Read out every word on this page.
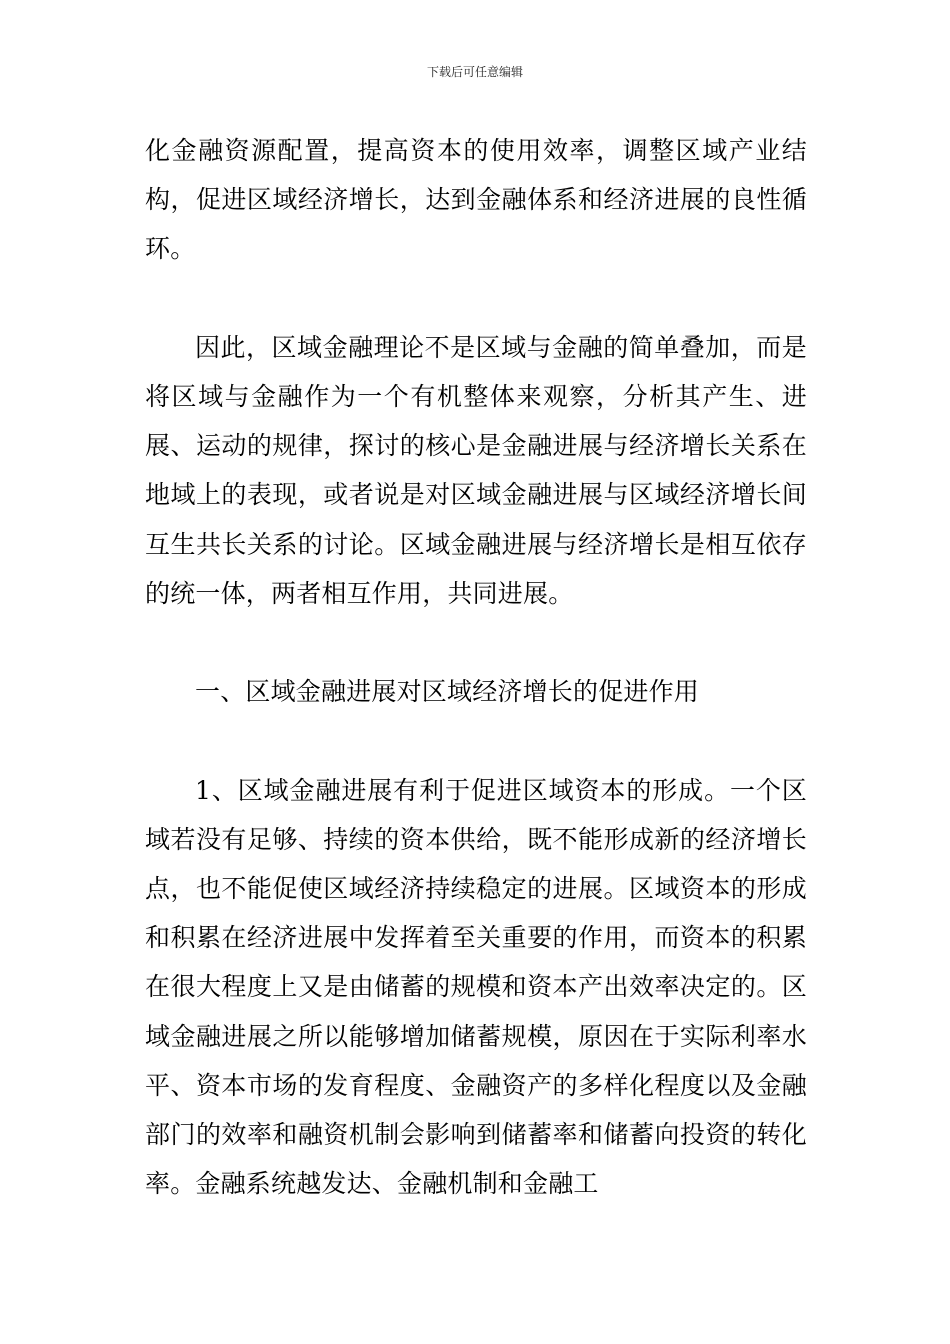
下载后可任意编辑

化金融资源配置，提高资本的使用效率，调整区域产业结构，促进区域经济增长，达到金融体系和经济进展的良性循环。

因此，区域金融理论不是区域与金融的简单叠加，而是将区域与金融作为一个有机整体来观察，分析其产生、进展、运动的规律，探讨的核心是金融进展与经济增长关系在地域上的表现，或者说是对区域金融进展与区域经济增长间互生共长关系的讨论。区域金融进展与经济增长是相互依存的统一体，两者相互作用，共同进展。

一、区域金融进展对区域经济增长的促进作用

1、区域金融进展有利于促进区域资本的形成。一个区域若没有足够、持续的资本供给，既不能形成新的经济增长点，也不能促使区域经济持续稳定的进展。区域资本的形成和积累在经济进展中发挥着至关重要的作用，而资本的积累在很大程度上又是由储蓄的规模和资本产出效率决定的。区域金融进展之所以能够增加储蓄规模，原因在于实际利率水平、资本市场的发育程度、金融资产的多样化程度以及金融部门的效率和融资机制会影响到储蓄率和储蓄向投资的转化率。金融系统越发达、金融机制和金融工
